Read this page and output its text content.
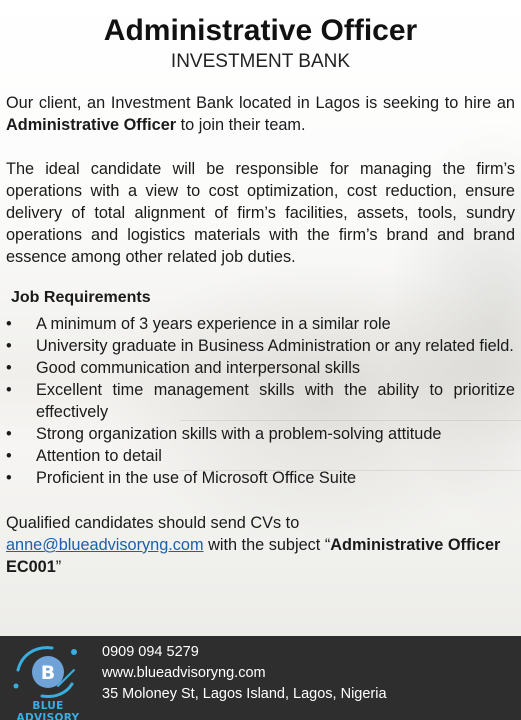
Administrative Officer
INVESTMENT BANK

Our client, an Investment Bank located in Lagos is seeking to hire an Administrative Officer to join their team.

The ideal candidate will be responsible for managing the firm’s operations with a view to cost optimization, cost reduction, ensure delivery of total alignment of firm’s facilities, assets, tools, sundry operations and logistics materials with the firm’s brand and brand essence among other related job duties.

Job Requirements

•	A minimum of 3 years experience in a similar role
•	University graduate in Business Administration or any related field.
•	Good communication and interpersonal skills
•	Excellent time management skills with the ability to prioritize effectively
•	Strong organization skills with a problem-solving attitude
•	Attention to detail
•	Proficient in the use of Microsoft Office Suite

Qualified candidates should send CVs to
anne@blueadvisoryng.com with the subject “Administrative Officer EC001”

B
BLUE ADVISORY
0909 094 5279
www.blueadvisoryng.com
35 Moloney St, Lagos Island, Lagos, Nigeria
